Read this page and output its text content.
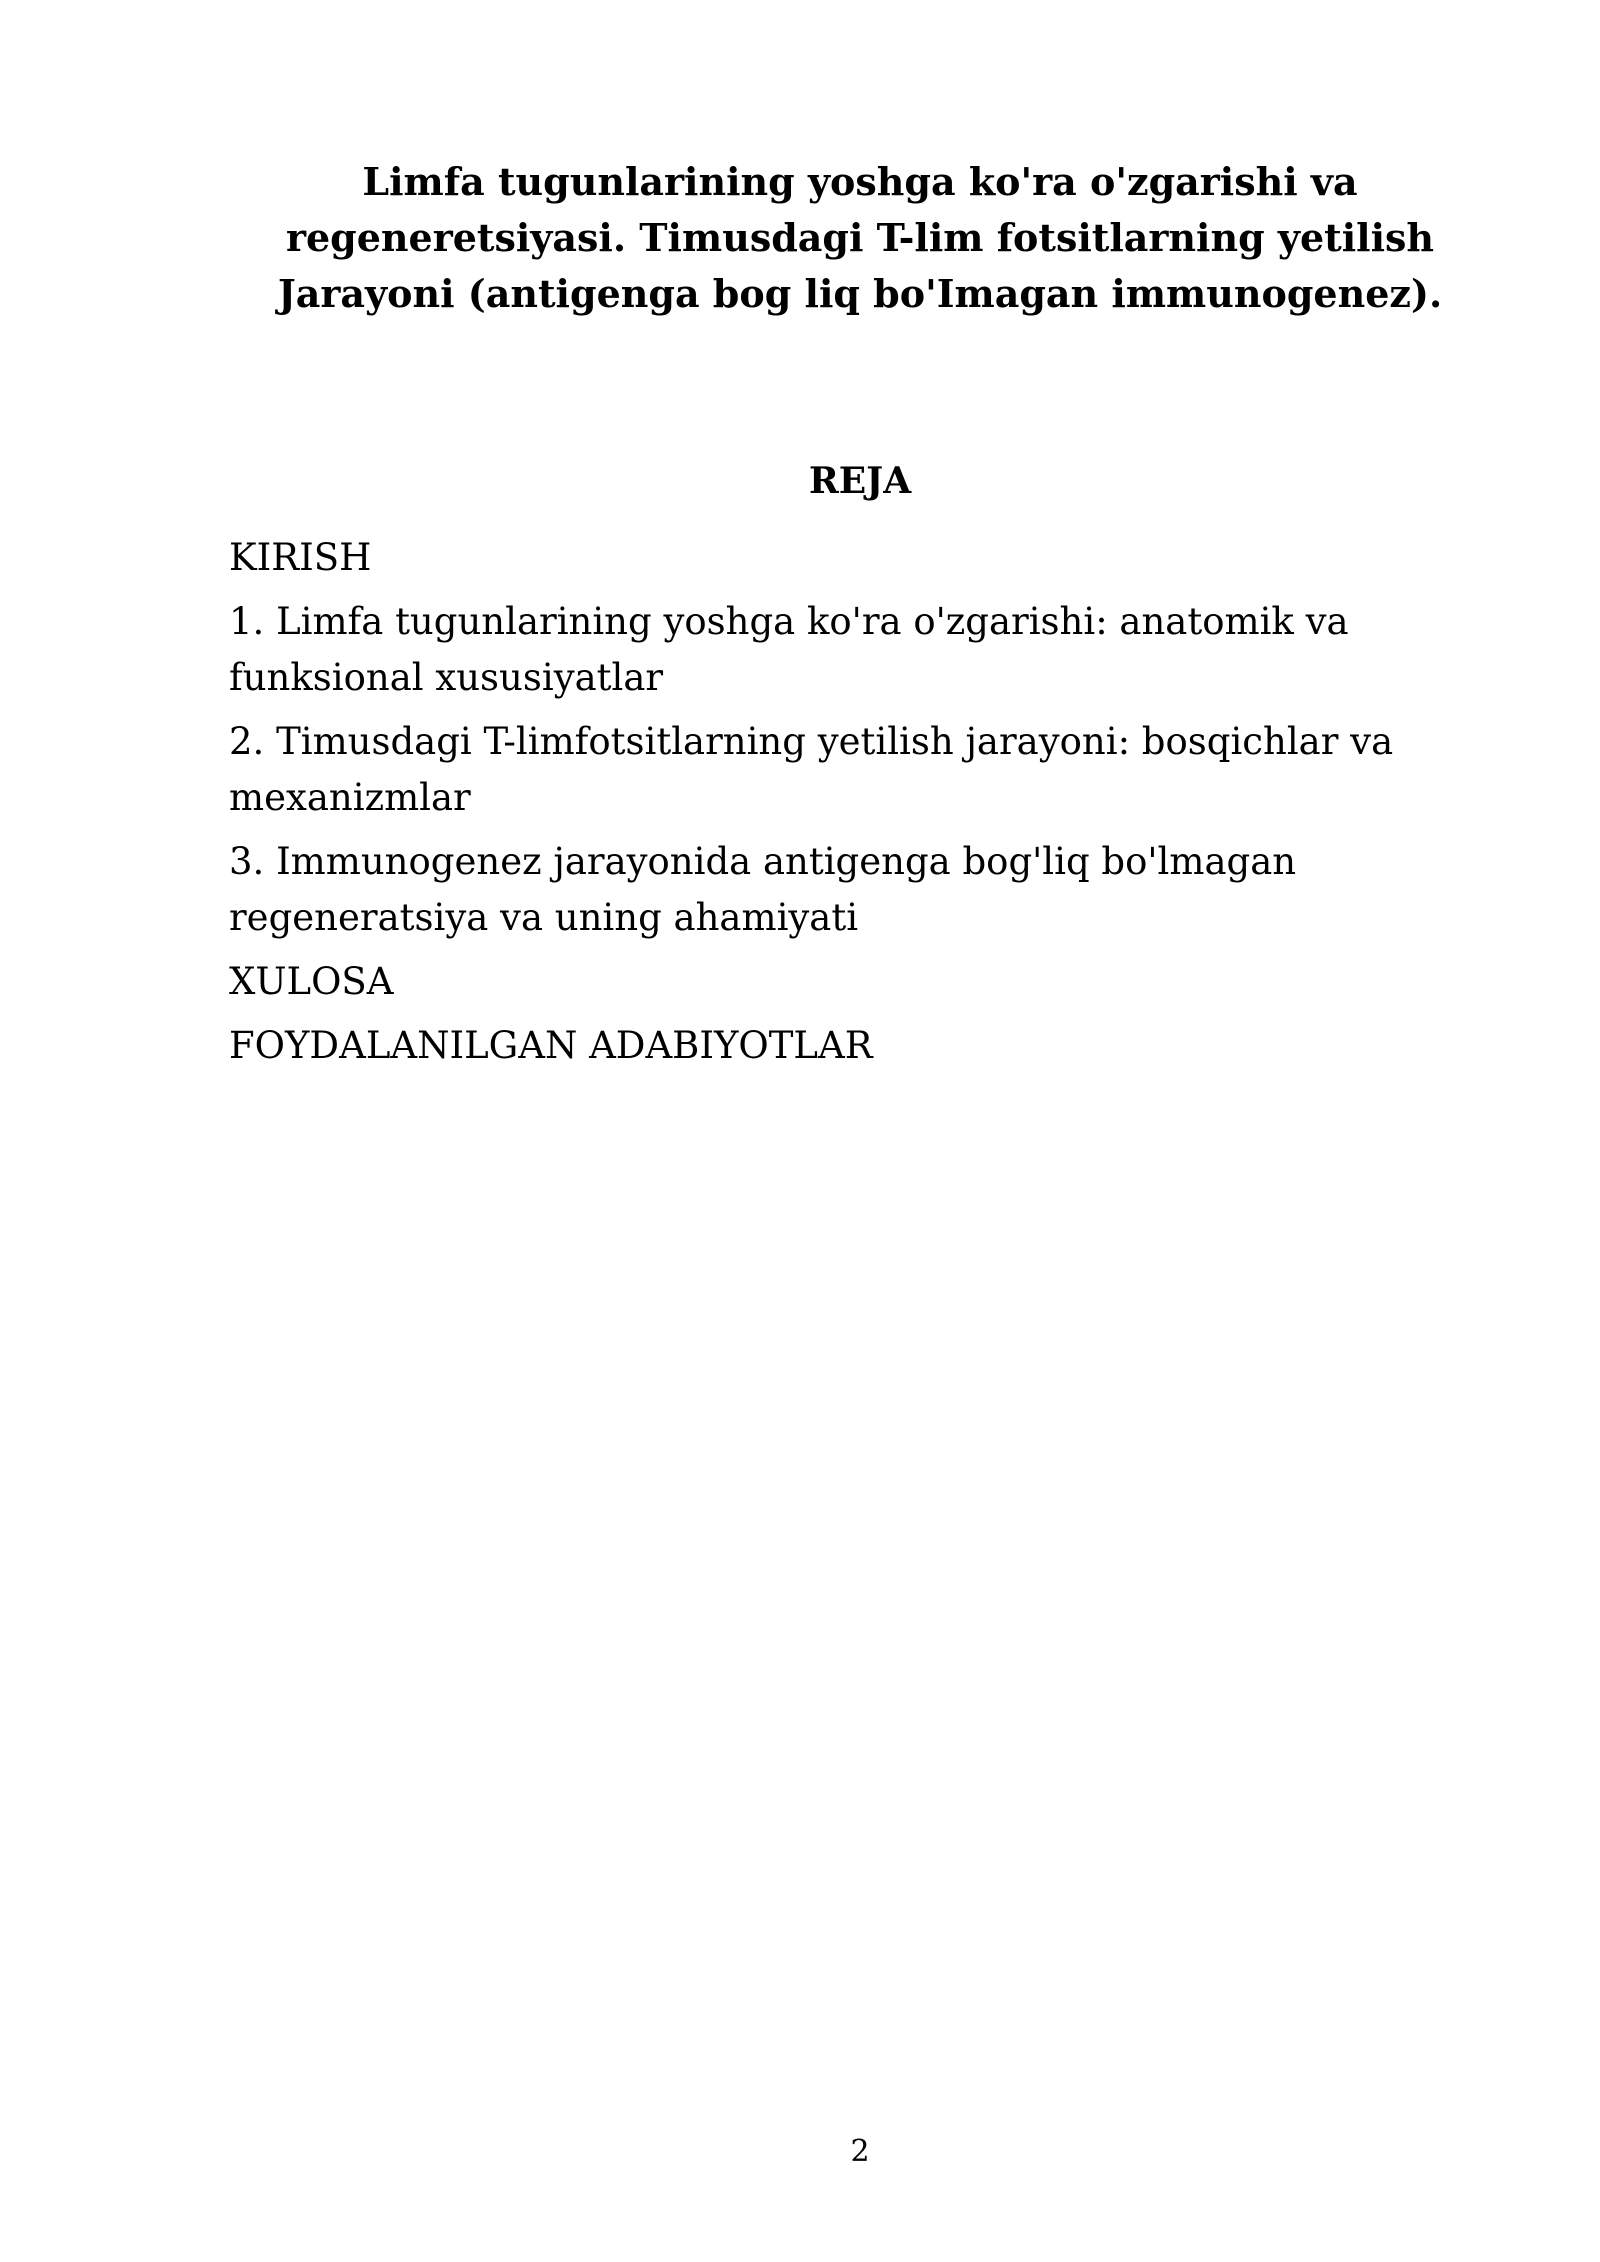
Limfa tugunlarining yoshga ko'ra o'zgarishi va
regeneretsiyasi. Timusdagi T-lim fotsitlarning yetilish
Jarayoni (antigenga bog liq bo'Imagan immunogenez).
REJA
KIRISH
1. Limfa tugunlarining yoshga ko'ra o'zgarishi: anatomik va
funksional xususiyatlar
2. Timusdagi T-limfotsitlarning yetilish jarayoni: bosqichlar va
mexanizmlar
3. Immunogenez jarayonida antigenga bog'liq bo'lmagan
regeneratsiya va uning ahamiyati
XULOSA
FOYDALANILGAN ADABIYOTLAR
2
